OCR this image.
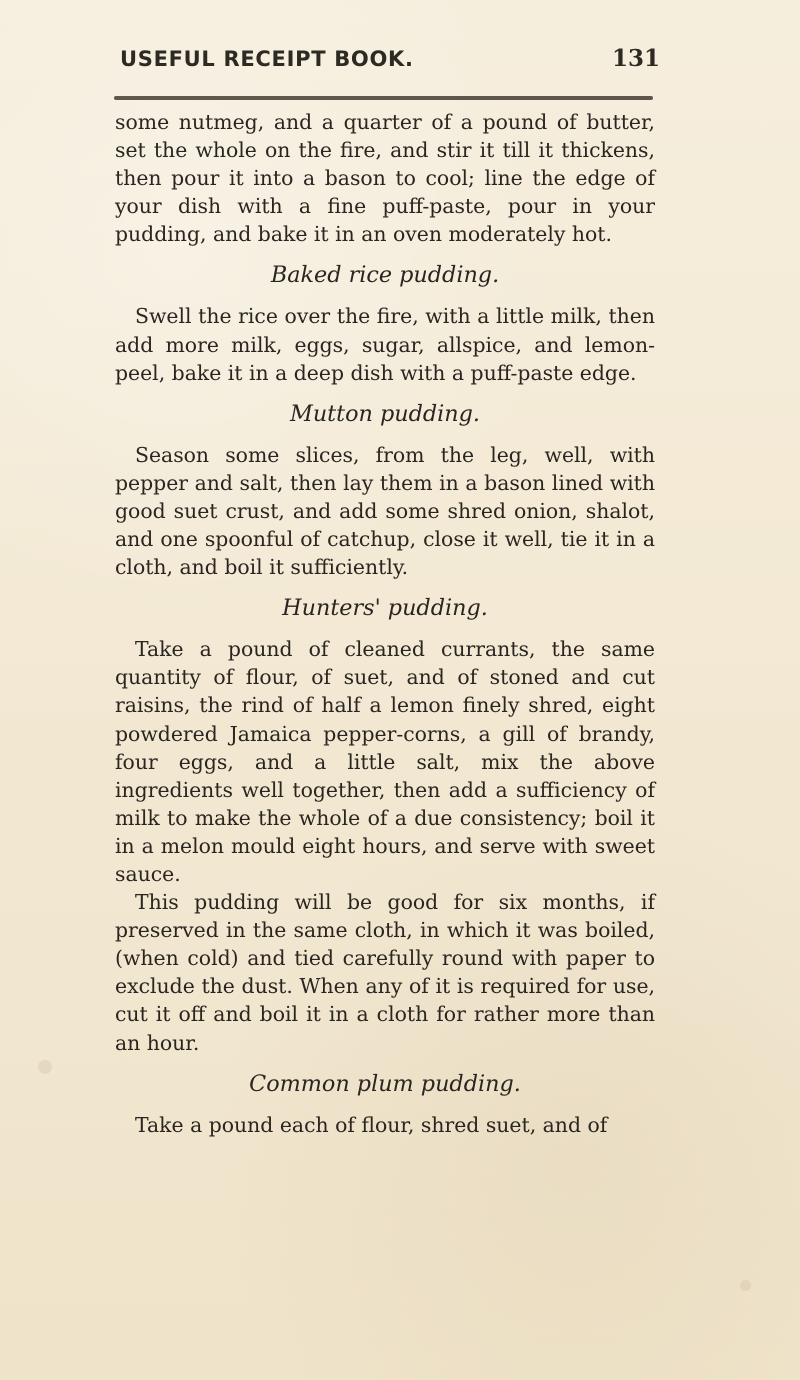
USEFUL RECEIPT BOOK.	131

some nutmeg, and a quarter of a pound of butter, set the whole on the fire, and stir it till it thickens, then pour it into a bason to cool; line the edge of your dish with a fine puff-paste, pour in your pudding, and bake it in an oven moderately hot.

Baked rice pudding.

Swell the rice over the fire, with a little milk, then add more milk, eggs, sugar, allspice, and lemon-peel, bake it in a deep dish with a puff-paste edge.

Mutton pudding.

Season some slices, from the leg, well, with pepper and salt, then lay them in a bason lined with good suet crust, and add some shred onion, shalot, and one spoonful of catchup, close it well, tie it in a cloth, and boil it sufficiently.

Hunters' pudding.

Take a pound of cleaned currants, the same quantity of flour, of suet, and of stoned and cut raisins, the rind of half a lemon finely shred, eight powdered Jamaica pepper-corns, a gill of brandy, four eggs, and a little salt, mix the above ingredients well together, then add a sufficiency of milk to make the whole of a due consistency; boil it in a melon mould eight hours, and serve with sweet sauce.

This pudding will be good for six months, if preserved in the same cloth, in which it was boiled, (when cold) and tied carefully round with paper to exclude the dust. When any of it is required for use, cut it off and boil it in a cloth for rather more than an hour.

Common plum pudding.

Take a pound each of flour, shred suet, and of
